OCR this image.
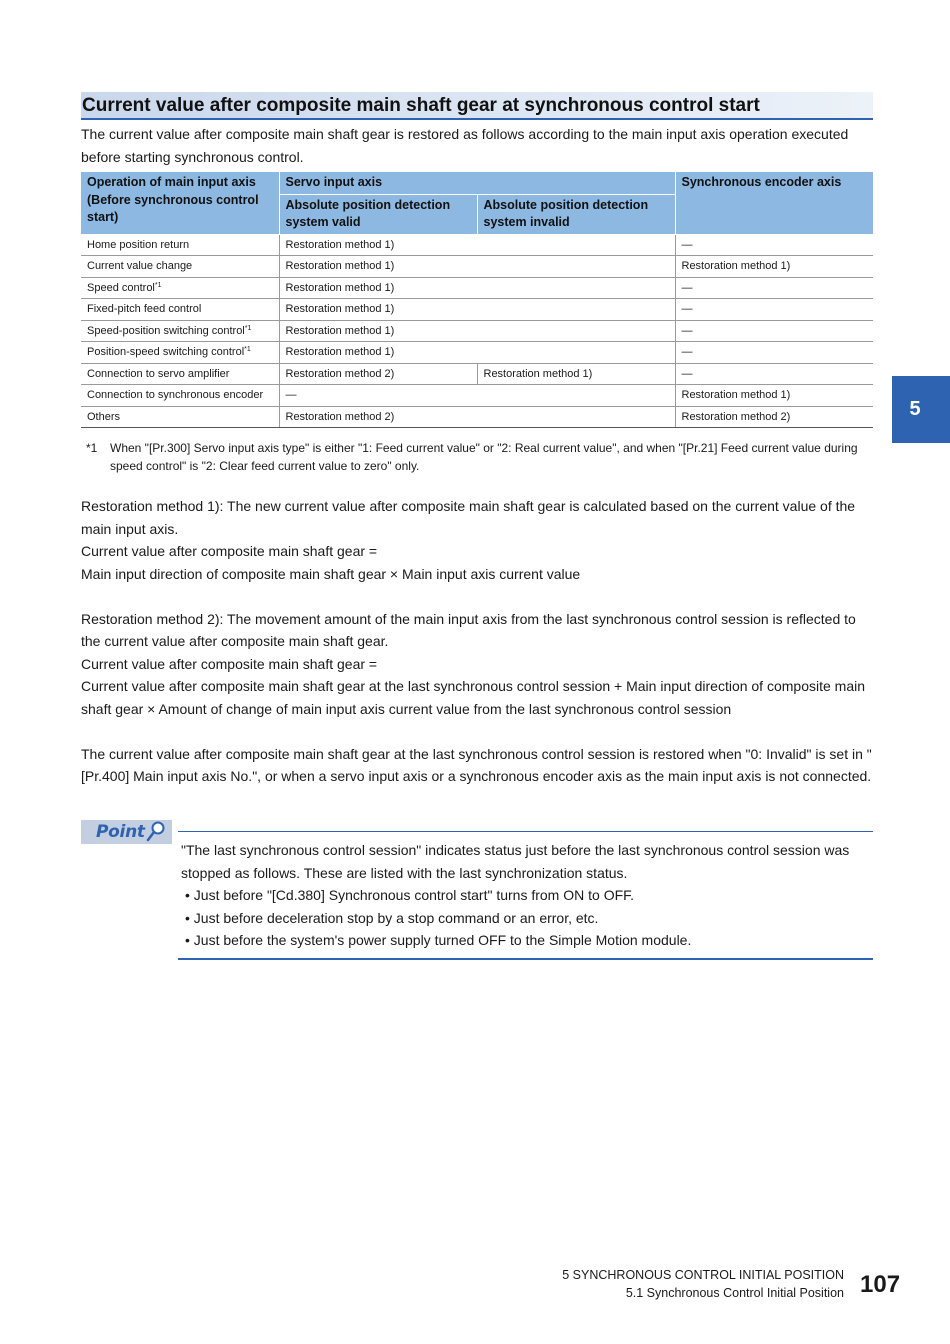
Current value after composite main shaft gear at synchronous control start
The current value after composite main shaft gear is restored as follows according to the main input axis operation executed before starting synchronous control.
Operation of main input axis (Before synchronous control start)	Servo input axis		Synchronous encoder axis
	Absolute position detection system valid	Absolute position detection system invalid	
Home position return	Restoration method 1)		—
Current value change	Restoration method 1)		Restoration method 1)
Speed control$^{*1}$	Restoration method 1)		—
Fixed-pitch feed control	Restoration method 1)		—
Speed-position switching control$^{*1}$	Restoration method 1)		—
Position-speed switching control$^{*1}$	Restoration method 1)		—
Connection to servo amplifier	Restoration method 2)	Restoration method 1)	—
Connection to synchronous encoder	—		Restoration method 1)
Others	Restoration method 2)		Restoration method 2)
*1 When "[Pr.300] Servo input axis type" is either "1: Feed current value" or "2: Real current value", and when "[Pr.21] Feed current value during speed control" is "2: Clear feed current value to zero" only.

Restoration method 1): The new current value after composite main shaft gear is calculated based on the current value of the main input axis.

Current value after composite main shaft gear =

Main input direction of composite main shaft gear × Main input axis current value

Restoration method 2): The movement amount of the main input axis from the last synchronous control session is reflected to the current value after composite main shaft gear.

Current value after composite main shaft gear =

Current value after composite main shaft gear at the last synchronous control session + Main input direction of composite main shaft gear × Amount of change of main input axis current value from the last synchronous control session

The current value after composite main shaft gear at the last synchronous control session is restored when "0: Invalid" is set in "[Pr.400] Main input axis No.", or when a servo input axis or a synchronous encoder axis as the main input axis is not connected.

Point

"The last synchronous control session" indicates status just before the last synchronous control session was stopped as follows. These are listed with the last synchronization status.

• Just before "[Cd.380] Synchronous control start" turns from ON to OFF.

• Just before deceleration stop by a stop command or an error, etc.

• Just before the system's power supply turned OFF to the Simple Motion module.

5
5 SYNCHRONOUS CONTROL INITIAL POSITION
5.1 Synchronous Control Initial Position 107
